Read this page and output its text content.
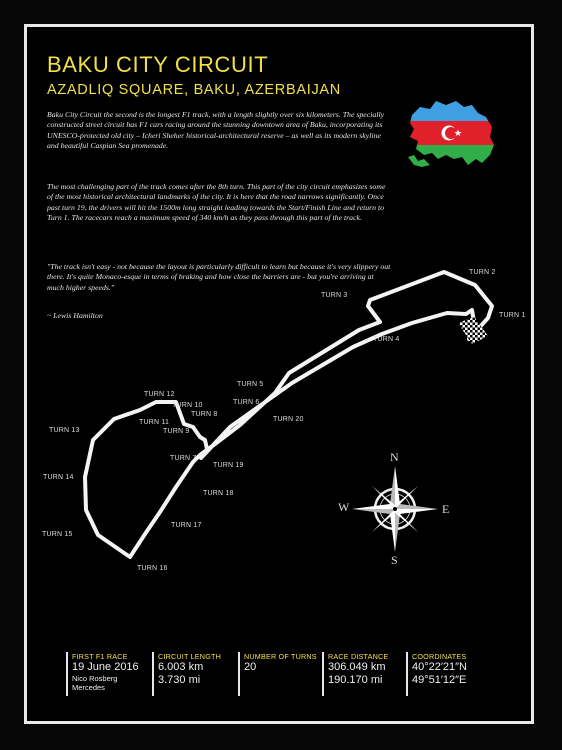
BAKU CITY CIRCUIT
AZADLIQ SQUARE, BAKU, AZERBAIJAN

Baku City Circuit the second is the longest F1 track, with a length slightly over six kilometers. The specially constructed street circuit has F1 cars racing around the stunning downtown area of Baku, incorporating its UNESCO-protected old city – Icheri Sheher historical-architectural reserve – as well as its modern skyline and beautiful Caspian Sea promenade.

The most challenging part of the track comes after the 8th turn. This part of the city circuit emphasizes some of the most historical architectural landmarks of the city. It is here that the road narrows significantly. Once past turn 19, the drivers will hit the 1500m long straight leading towards the Start/Finish Line and return to Turn 1. The racecars reach a maximum speed of 340 km/h as they pass through this part of the track.

"The track isn't easy - not because the layout is particularly difficult to learn but because it's very slippery out there. It's quite Monaco-esque in terms of braking and how close the barriers are - but you're arriving at much higher speeds."

~ Lewis Hamilton	TURN 1
TURN 2
TURN 3
TURN 4
TURN 5
TURN 6
TURN 7
TURN 8
TURN 9
TURN 10
TURN 11
TURN 12
TURN 13
TURN 14
TURN 15
TURN 16
TURN 17
TURN 18
TURN 19
TURN 20
N
S
E
W
FIRST F1 RACE
19 June 2016
Nico Rosberg
Mercedes
CIRCUIT LENGTH
6.003 km
3.730 mi
NUMBER OF TURNS
20
RACE DISTANCE
306.049 km
190.170 mi
COORDINATES
40°22′21″N
49°51′12″E
